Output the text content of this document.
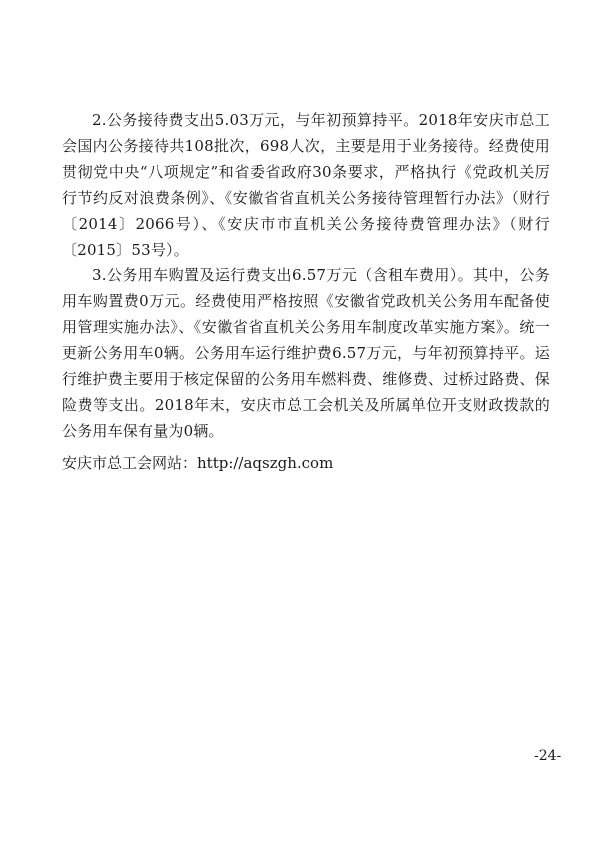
2.公务接待费支出5.03万元，与年初预算持平。2018年安庆市总工会国内公务接待共108批次，698人次，主要是用于业务接待。经费使用贯彻党中央“八项规定”和省委省政府30条要求，严格执行《党政机关厉行节约反对浪费条例》、《安徽省省直机关公务接待管理暂行办法》（财行〔2014〕2066号）、《安庆市市直机关公务接待费管理办法》（财行〔2015〕53号）。

3.公务用车购置及运行费支出6.57万元（含租车费用）。其中，公务用车购置费0万元。经费使用严格按照《安徽省党政机关公务用车配备使用管理实施办法》、《安徽省省直机关公务用车制度改革实施方案》。统一更新公务用车0辆。公务用车运行维护费6.57万元，与年初预算持平。运行维护费主要用于核定保留的公务用车燃料费、维修费、过桥过路费、保险费等支出。2018年末，安庆市总工会机关及所属单位开支财政拨款的公务用车保有量为0辆。

安庆市总工会网站：http://aqszgh.com
-24-
